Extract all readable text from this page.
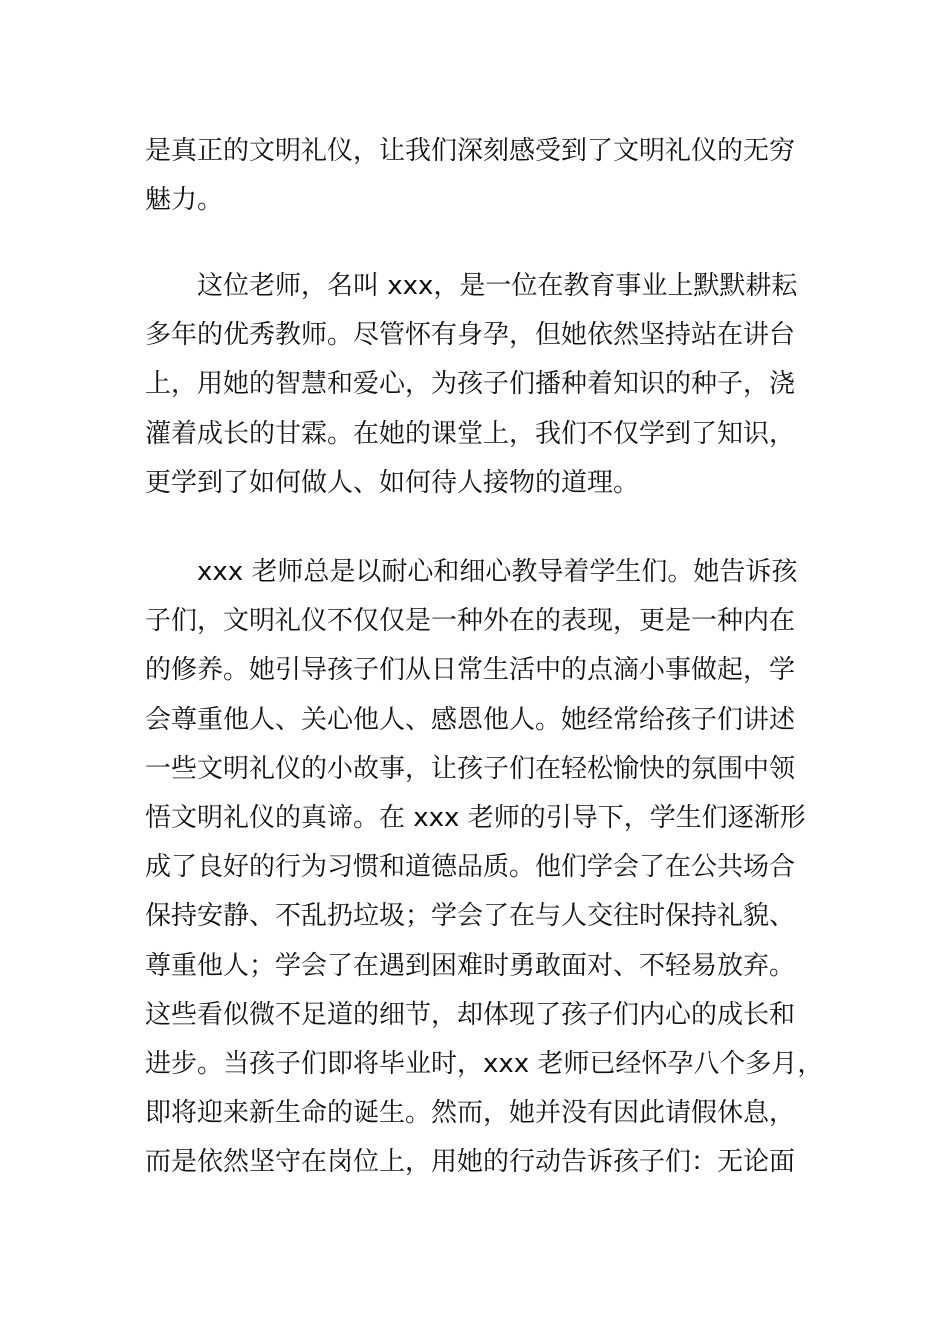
是真正的文明礼仪，让我们深刻感受到了文明礼仪的无穷
魅力。

这位老师，名叫 xxx，是一位在教育事业上默默耕耘
多年的优秀教师。尽管怀有身孕，但她依然坚持站在讲台
上，用她的智慧和爱心，为孩子们播种着知识的种子，浇
灌着成长的甘霖。在她的课堂上，我们不仅学到了知识，
更学到了如何做人、如何待人接物的道理。

xxx 老师总是以耐心和细心教导着学生们。她告诉孩
子们，文明礼仪不仅仅是一种外在的表现，更是一种内在
的修养。她引导孩子们从日常生活中的点滴小事做起，学
会尊重他人、关心他人、感恩他人。她经常给孩子们讲述
一些文明礼仪的小故事，让孩子们在轻松愉快的氛围中领
悟文明礼仪的真谛。在 xxx 老师的引导下，学生们逐渐形
成了良好的行为习惯和道德品质。他们学会了在公共场合
保持安静、不乱扔垃圾；学会了在与人交往时保持礼貌、
尊重他人；学会了在遇到困难时勇敢面对、不轻易放弃。
这些看似微不足道的细节，却体现了孩子们内心的成长和
进步。当孩子们即将毕业时，xxx 老师已经怀孕八个多月，
即将迎来新生命的诞生。然而，她并没有因此请假休息，
而是依然坚守在岗位上，用她的行动告诉孩子们：无论面
